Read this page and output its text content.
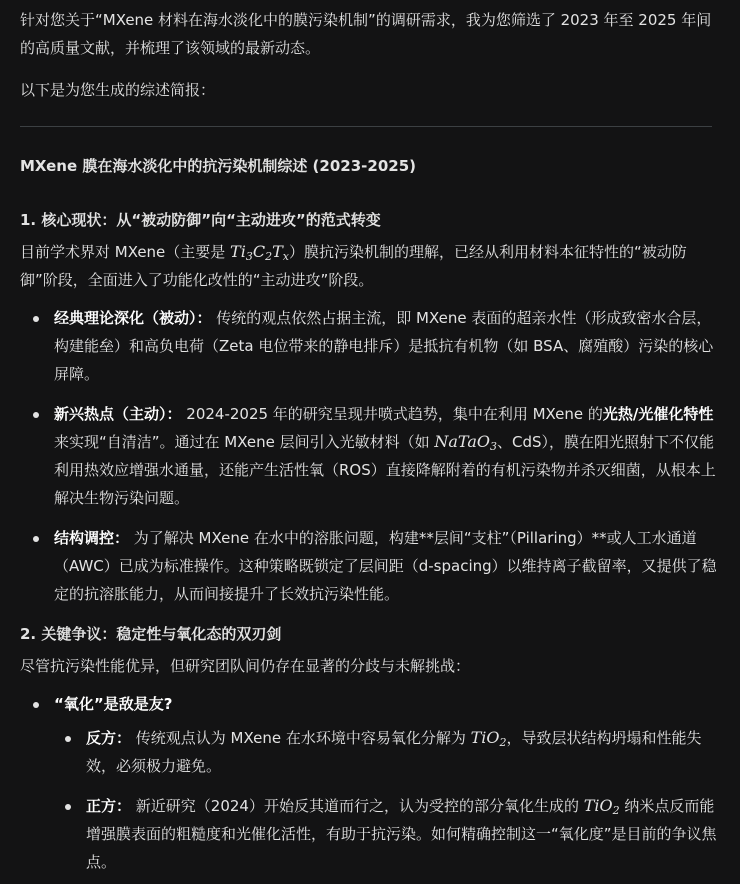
针对您关于“MXene 材料在海水淡化中的膜污染机制”的调研需求，我为您筛选了 2023 年至 2025 年间的高质量文献，并梳理了该领域的最新动态。

以下是为您生成的综述简报：

MXene 膜在海水淡化中的抗污染机制综述 (2023-2025)

1. 核心现状：从“被动防御”向“主动进攻”的范式转变

目前学术界对 MXene（主要是 $Ti_3C_2T_x$）膜抗污染机制的理解，已经从利用材料本征特性的“被动防御”阶段，全面进入了功能化改性的“主动进攻”阶段。

经典理论深化（被动）： 传统的观点依然占据主流，即 MXene 表面的超亲水性（形成致密水合层，构建能垒）和高负电荷（Zeta 电位带来的静电排斥）是抵抗有机物（如 BSA、腐殖酸）污染的核心屏障。
新兴热点（主动）： 2024-2025 年的研究呈现井喷式趋势，集中在利用 MXene 的光热/光催化特性来实现“自清洁”。通过在 MXene 层间引入光敏材料（如 NaTaO$_3$、CdS），膜在阳光照射下不仅能利用热效应增强水通量，还能产生活性氧（ROS）直接降解附着的有机污染物并杀灭细菌，从根本上解决生物污染问题。
结构调控： 为了解决 MXene 在水中的溶胀问题，构建**层间“支柱”（Pillaring）**或人工水通道（AWC）已成为标准操作。这种策略既锁定了层间距（d-spacing）以维持离子截留率，又提供了稳定的抗溶胀能力，从而间接提升了长效抗污染性能。

2. 关键争议：稳定性与氧化态的双刃剑

尽管抗污染性能优异，但研究团队间仍存在显著的分歧与未解挑战：

“氧化”是敌是友?
反方： 传统观点认为 MXene 在水环境中容易氧化分解为 TiO$_2$，导致层状结构坍塌和性能失效，必须极力避免。
正方： 新近研究（2024）开始反其道而行之，认为受控的部分氧化生成的 TiO$_2$ 纳米点反而能增强膜表面的粗糙度和光催化活性，有助于抗污染。如何精确控制这一“氧化度”是目前的争议焦点。
